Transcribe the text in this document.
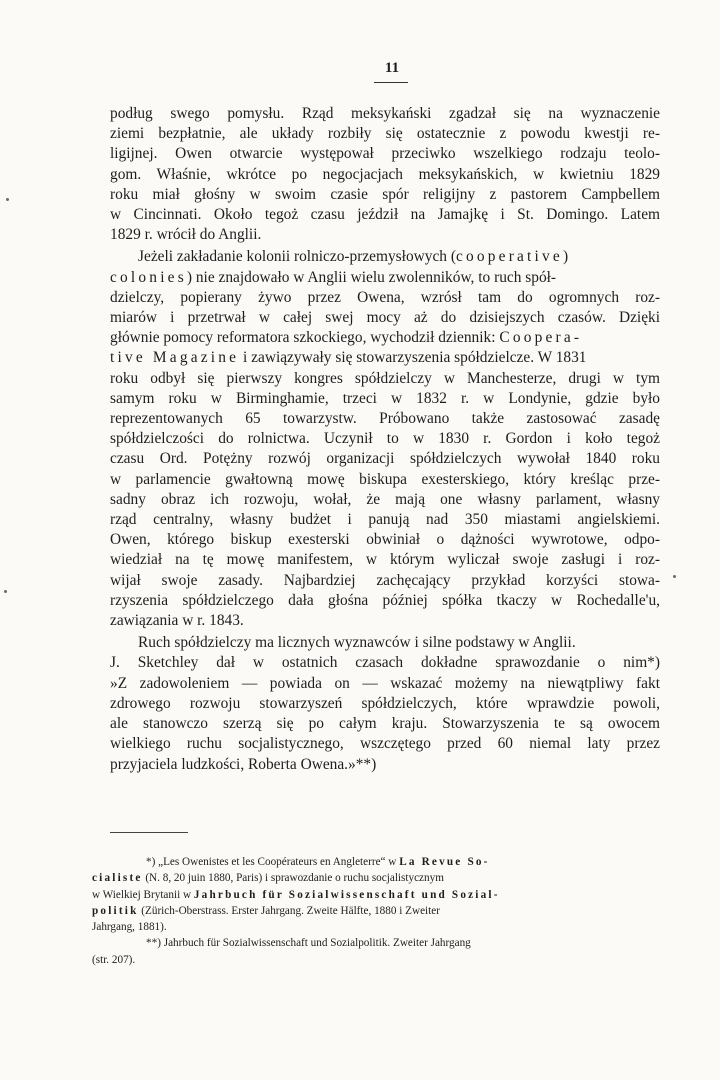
11
podług swego pomysłu. Rząd meksykański zgadzał się na wyznaczenie
ziemi bezpłatnie, ale układy rozbiły się ostatecznie z powodu kwestji re-
ligijnej. Owen otwarcie występował przeciwko wszelkiego rodzaju teolo-
gom. Właśnie, wkrótce po negocjacjach meksykańskich, w kwietniu 1829
roku miał głośny w swoim czasie spór religijny z pastorem Campbellem
w Cincinnati. Około tegoż czasu jeździł na Jamajkę i St. Domingo. Latem
1829 r. wrócił do Anglii.
Jeżeli zakładanie kolonii rolniczo-przemysłowych (cooperative)
colonies) nie znajdowało w Anglii wielu zwolenników, to ruch spół-
dzielczy, popierany żywo przez Owena, wzrósł tam do ogromnych roz-
miarów i przetrwał w całej swej mocy aż do dzisiejszych czasów. Dzięki
głównie pomocy reformatora szkockiego, wychodził dziennik: Coopera-
tive Magazine i zawiązywały się stowarzyszenia spółdzielcze. W 1831
roku odbył się pierwszy kongres spółdzielczy w Manchesterze, drugi w tym
samym roku w Birminghamie, trzeci w 1832 r. w Londynie, gdzie było
reprezentowanych 65 towarzystw. Próbowano także zastosować zasadę
spółdzielczości do rolnictwa. Uczynił to w 1830 r. Gordon i koło tegoż
czasu Ord. Potężny rozwój organizacji spółdzielczych wywołał 1840 roku
w parlamencie gwałtowną mowę biskupa exesterskiego, który kreśląc prze-
sadny obraz ich rozwoju, wołał, że mają one własny parlament, własny
rząd centralny, własny budżet i panują nad 350 miastami angielskiemi.
Owen, którego biskup exesterski obwiniał o dążności wywrotowe, odpo-
wiedział na tę mowę manifestem, w którym wyliczał swoje zasługi i roz-
wijał swoje zasady. Najbardziej zachęcający przykład korzyści stowa-
rzyszenia spółdzielczego dała głośna później spółka tkaczy w Rochedalle'u,
zawiązania w r. 1843.
Ruch spółdzielczy ma licznych wyznawców i silne podstawy w Anglii.
J. Sketchley dał w ostatnich czasach dokładne sprawozdanie o nim*)
»Z zadowoleniem — powiada on — wskazać możemy na niewątpliwy fakt
zdrowego rozwoju stowarzyszeń spółdzielczych, które wprawdzie powoli,
ale stanowczo szerzą się po całym kraju. Stowarzyszenia te są owocem
wielkiego ruchu socjalistycznego, wszczętego przed 60 niemal laty przez
przyjaciela ludzkości, Roberta Owena.»**)
*) „Les Owenistes et les Coopérateurs en Angleterre“ w La Revue So-
cialiste (N. 8, 20 juin 1880, Paris) i sprawozdanie o ruchu socjalistycznym
w Wielkiej Brytanii w Jahrbuch für Sozialwissenschaft und Sozial-
politik (Zürich-Oberstrass. Erster Jahrgang. Zweite Hälfte, 1880 i Zweiter
Jahrgang, 1881).
**) Jahrbuch für Sozialwissenschaft und Sozialpolitik. Zweiter Jahrgang
(str. 207).
